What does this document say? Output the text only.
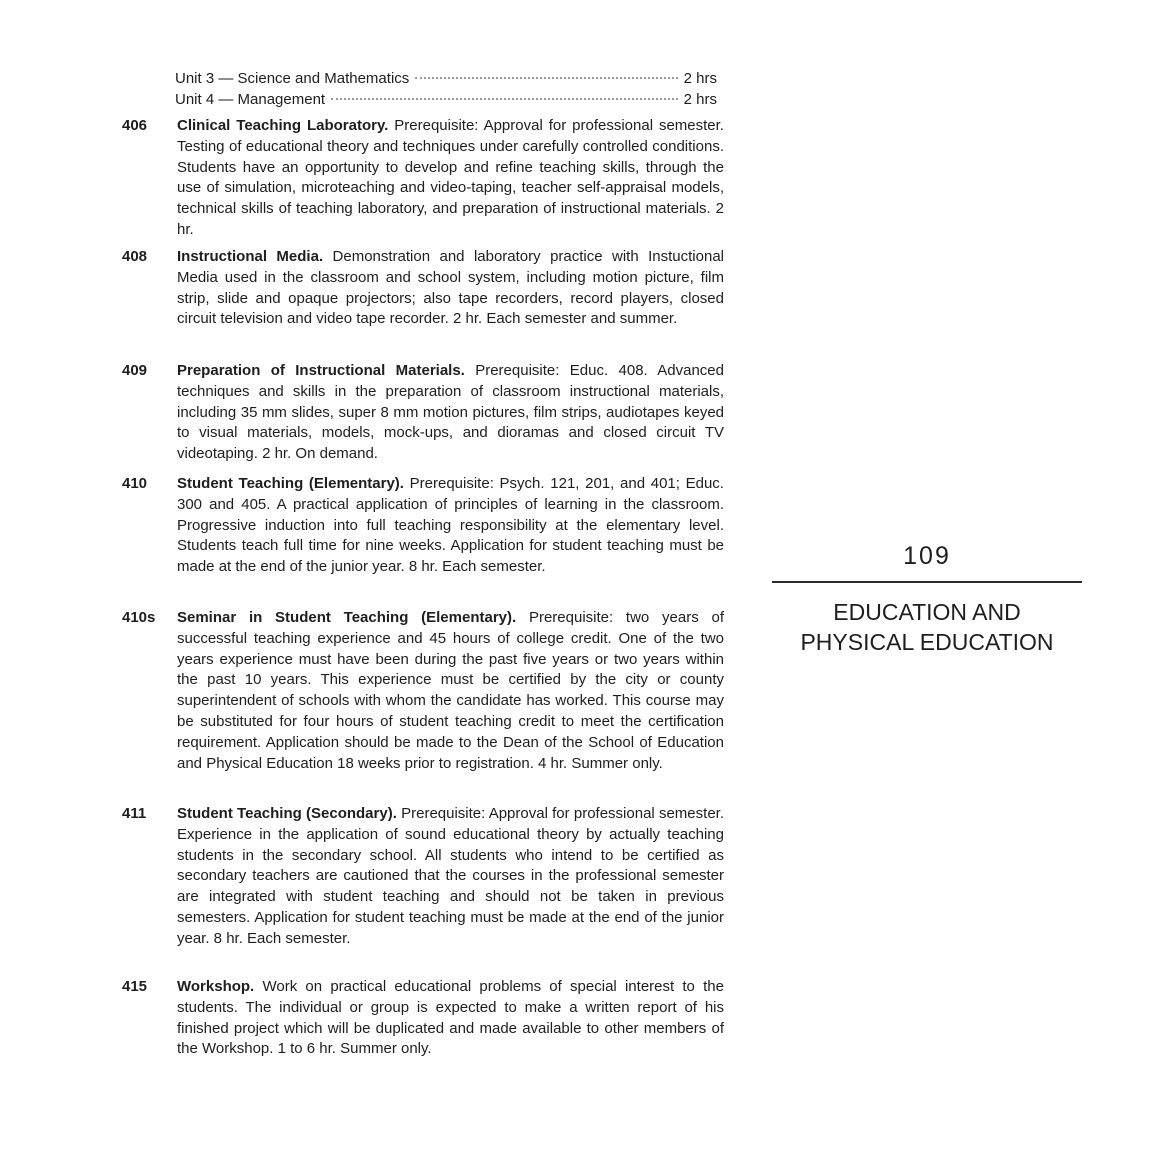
Unit 3 — Science and Mathematics	2 hrs
Unit 4 — Management	2 hrs
406	Clinical Teaching Laboratory. Prerequisite: Approval for professional semester. Testing of educational theory and techniques under carefully controlled conditions. Students have an opportunity to develop and refine teaching skills, through the use of simulation, microteaching and video-taping, teacher self-appraisal models, technical skills of teaching laboratory, and preparation of instructional materials. 2 hr.
408	Instructional Media. Demonstration and laboratory practice with Instuctional Media used in the classroom and school system, including motion picture, film strip, slide and opaque projectors; also tape recorders, record players, closed circuit television and video tape recorder. 2 hr. Each semester and summer.
409	Preparation of Instructional Materials. Prerequisite: Educ. 408. Advanced techniques and skills in the preparation of classroom instructional materials, including 35 mm slides, super 8 mm motion pictures, film strips, audiotapes keyed to visual materials, models, mock-ups, and dioramas and closed circuit TV videotaping. 2 hr. On demand.
410	Student Teaching (Elementary). Prerequisite: Psych. 121, 201, and 401; Educ. 300 and 405. A practical application of principles of learning in the classroom. Progressive induction into full teaching responsibility at the elementary level. Students teach full time for nine weeks. Application for student teaching must be made at the end of the junior year. 8 hr. Each semester.
410s	Seminar in Student Teaching (Elementary). Prerequisite: two years of successful teaching experience and 45 hours of college credit. One of the two years experience must have been during the past five years or two years within the past 10 years. This experience must be certified by the city or county superintendent of schools with whom the candidate has worked. This course may be substituted for four hours of student teaching credit to meet the certification requirement. Application should be made to the Dean of the School of Education and Physical Education 18 weeks prior to registration. 4 hr. Summer only.
411	Student Teaching (Secondary). Prerequisite: Approval for professional semester. Experience in the application of sound educational theory by actually teaching students in the secondary school. All students who intend to be certified as secondary teachers are cautioned that the courses in the professional semester are integrated with student teaching and should not be taken in previous semesters. Application for student teaching must be made at the end of the junior year. 8 hr. Each semester.
415	Workshop. Work on practical educational problems of special interest to the students. The individual or group is expected to make a written report of his finished project which will be duplicated and made available to other members of the Workshop. 1 to 6 hr. Summer only.
109
EDUCATION AND
PHYSICAL EDUCATION
